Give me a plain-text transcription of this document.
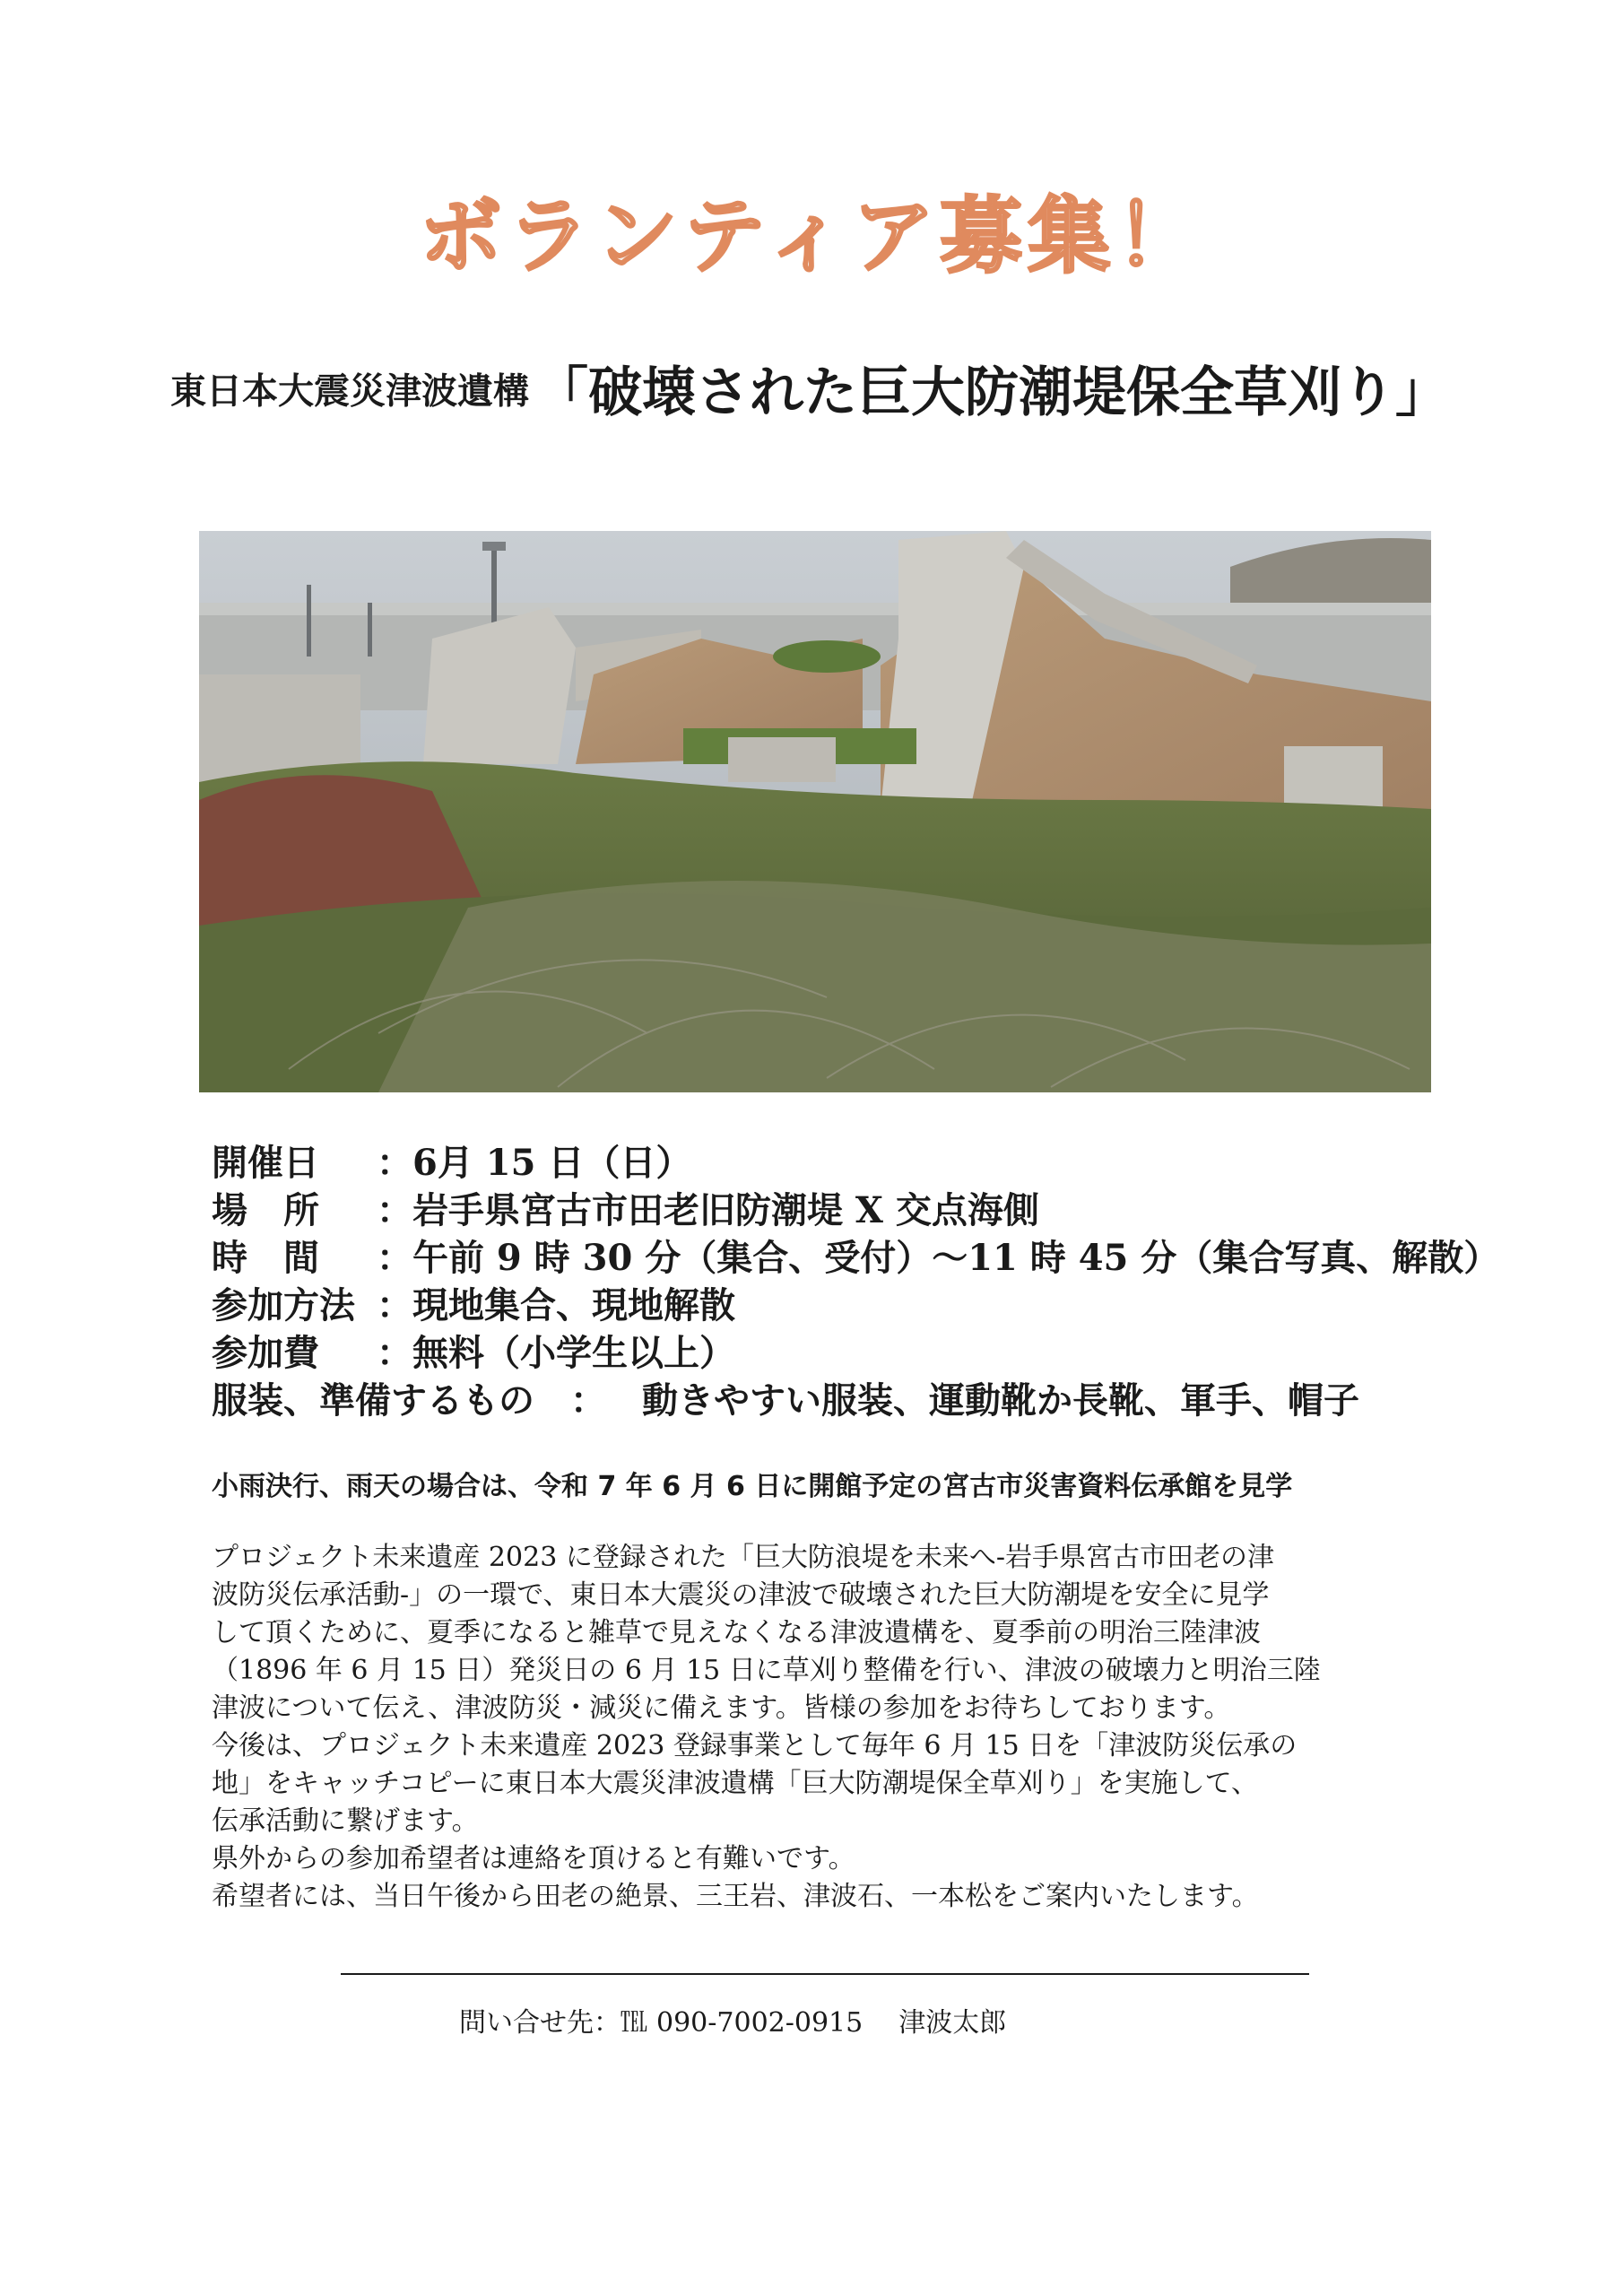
ボランティア募集！
東日本大震災津波遺構 「破壊された巨大防潮堤保全草刈り」
開催日 ：6月 15 日（日）
場　所 ：岩手県宮古市田老旧防潮堤 X 交点海側
時　間 ：午前 9 時 30 分（集合、受付）～11 時 45 分（集合写真、解散）
参加方法 ：現地集合、現地解散
参加費 ：無料（小学生以上）
服装、準備するもの ： 動きやすい服装、運動靴か長靴、軍手、帽子
小雨決行、雨天の場合は、令和 7 年 6 月 6 日に開館予定の宮古市災害資料伝承館を見学

プロジェクト未来遺産 2023 に登録された「巨大防浪堤を未来へ-岩手県宮古市田老の津

波防災伝承活動-」の一環で、東日本大震災の津波で破壊された巨大防潮堤を安全に見学

して頂くために、夏季になると雑草で見えなくなる津波遺構を、夏季前の明治三陸津波

（1896 年 6 月 15 日）発災日の 6 月 15 日に草刈り整備を行い、津波の破壊力と明治三陸

津波について伝え、津波防災・減災に備えます。皆様の参加をお待ちしております。

今後は、プロジェクト未来遺産 2023 登録事業として毎年 6 月 15 日を「津波防災伝承の

地」をキャッチコピーに東日本大震災津波遺構「巨大防潮堤保全草刈り」を実施して、

伝承活動に繋げます。

県外からの参加希望者は連絡を頂けると有難いです。

希望者には、当日午後から田老の絶景、三王岩、津波石、一本松をご案内いたします。

――――――――――――――――――――――――――――――――――――
問い合せ先：℡ 090-7002-0915 津波太郎
